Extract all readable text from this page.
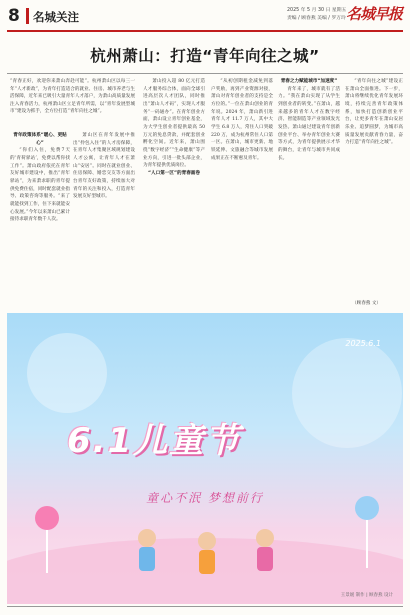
8 名城关注	2025 年 5 月 30 日 星期五
责编 / 顾春燕 美编 / 罗万玲 名城早报
杭州萧山：打造“青年向往之城”
“青春正好，欢迎你来萧山奔赴可能”。杭州萧山区以每三一年“人才新政”，为青年打造适合的就业、住房、城市养老与生活保障，近年来已吸引大量青年人才落户，为萧山高质量发展注入青春活力，杭州萧山区立足青年所需，以“青年发展型城市”建设为抓手，全方位打造“青年向往之城”。

青年政策体系“暖心、更贴心”

“你们入住，免费7天的‘青荷驿站’，免费以帮你找工作”。萧山政府依托在青年友好城市建设中，推出“青年驿站”，为来萧求职的青年提供免费住宿，同时配套就业指导、政策咨询等服务。“来了就能找到工作，住下来就能安心发展。”今年以来萧山已累计接待求职青年数千人次。

萧山区在青年发展中推出“拎包入住”的人才房保障，在青年人才集聚区域规划建设人才公寓，让青年人才在萧山“安居”。同时在就业创业、住房保障、婚恋交友等方面出台青年友好政策，持续加大对青年的关注和投入，打造青年发展友好型城市。

萧山投入超 80 亿元打造人才服务综合体，面向全球引进高层次人才团队，同时推出“萧山人才码”，实现人才服务“一码通办”。在青年创业方面，萧山设立青年创业基金，为大学生创业者提供最高 50 万元的免息贷款，并配套创业孵化空间。近年来，萧山围绕“数字经济”“生命健康”等产业方向，引进一批头部企业，为青年提供优质岗位。

“人口第一区”的青春画卷

“从初创期租金减免到落户奖励，再到产业资源对接，萧山对青年创业者的支持是全方位的。”一位在萧山创业的青年说。2024 年，萧山新引进青年人才 11.7 万人，其中大学生 6.8 万人，常住人口突破 220 万，成为杭州常住人口第一区。在萧山，城市更新、地铁延伸、文旅融合等城市发展成果正在不断惠及青年。

青春之力赋能城市“加速度”

青年来了，城市就有了活力。“我在萧山实现了从学生到创业者的转变。”在萧山，越来越多的青年人才在数字经济、智能制造等产业领域发光发热。萧山通过建设青年创新创业平台、举办青年创业大赛等方式，为青年提供展示才华的舞台，让青年与城市共同成长。

“青年向往之城”建设正在萧山全面推进。下一步，萧山将继续优化青年发展环境，持续完善青年政策体系，加快打造创新创业平台，让更多青年在萧山安居乐业、追梦圆梦，为城市高质量发展贡献青春力量，奋力打造“青年向往之城”。

（顾春燕 文）
2025.6.1
6.1儿童节
童心不泯 梦想前行
王景媛 制作 | 顾春燕 设计
